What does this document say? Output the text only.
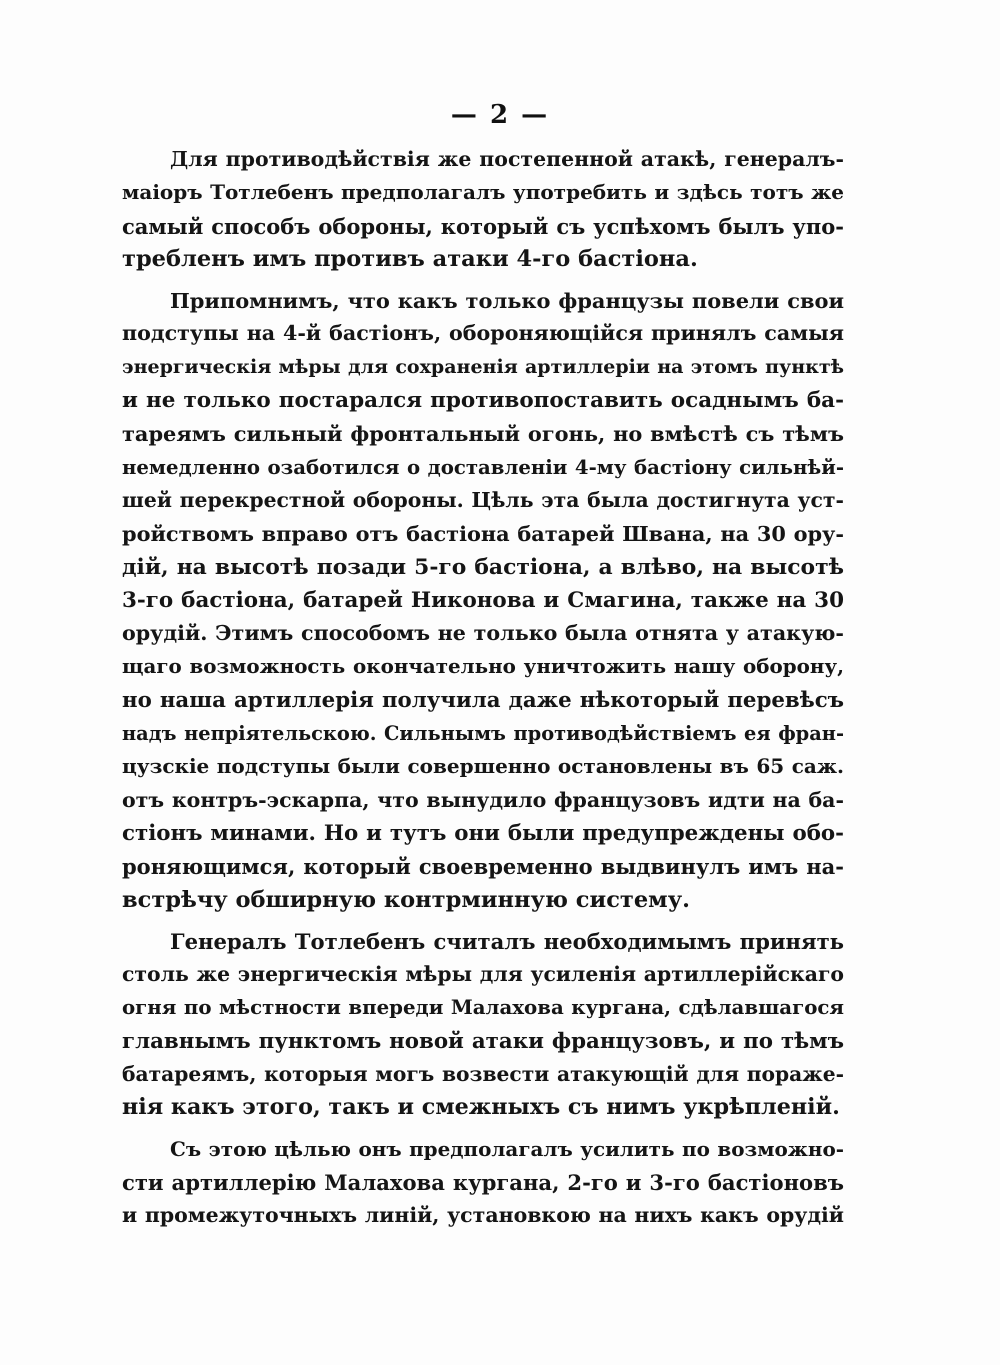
— 2 —
Для противодѣйствія же постепенной атакѣ, генералъ-
маіоръ Тотлебенъ предполагалъ употребить и здѣсь тотъ же
самый способъ обороны, который съ успѣхомъ былъ упо-
требленъ имъ противъ атаки 4-го бастіона.
Припомнимъ, что какъ только французы повели свои
подступы на 4-й бастіонъ, обороняющійся принялъ самыя
энергическія мѣры для сохраненія артиллеріи на этомъ пунктѣ
и не только постарался противопоставить осаднымъ ба-
тареямъ сильный фронтальный огонь, но вмѣстѣ съ тѣмъ
немедленно озаботился о доставленіи 4-му бастіону сильнѣй-
шей перекрестной обороны. Цѣль эта была достигнута уст-
ройствомъ вправо отъ бастіона батарей Швана, на 30 ору-
дій, на высотѣ позади 5-го бастіона, а влѣво, на высотѣ
3-го бастіона, батарей Никонова и Смагина, также на 30
орудій. Этимъ способомъ не только была отнята у атакую-
щаго возможность окончательно уничтожить нашу оборону,
но наша артиллерія получила даже нѣкоторый перевѣсъ
надъ непріятельскою. Сильнымъ противодѣйствіемъ ея фран-
цузскіе подступы были совершенно остановлены въ 65 саж.
отъ контръ-эскарпа, что вынудило французовъ идти на ба-
стіонъ минами. Но и тутъ они были предупреждены обо-
роняющимся, который своевременно выдвинулъ имъ на-
встрѣчу обширную контрминную систему.
Генералъ Тотлебенъ считалъ необходимымъ принять
столь же энергическія мѣры для усиленія артиллерійскаго
огня по мѣстности впереди Малахова кургана, сдѣлавшагося
главнымъ пунктомъ новой атаки французовъ, и по тѣмъ
батареямъ, которыя могъ возвести атакующій для пораже-
нія какъ этого, такъ и смежныхъ съ нимъ укрѣпленій.
Съ этою цѣлью онъ предполагалъ усилить по возможно-
сти артиллерію Малахова кургана, 2-го и 3-го бастіоновъ
и промежуточныхъ линій, установкою на нихъ какъ орудій
